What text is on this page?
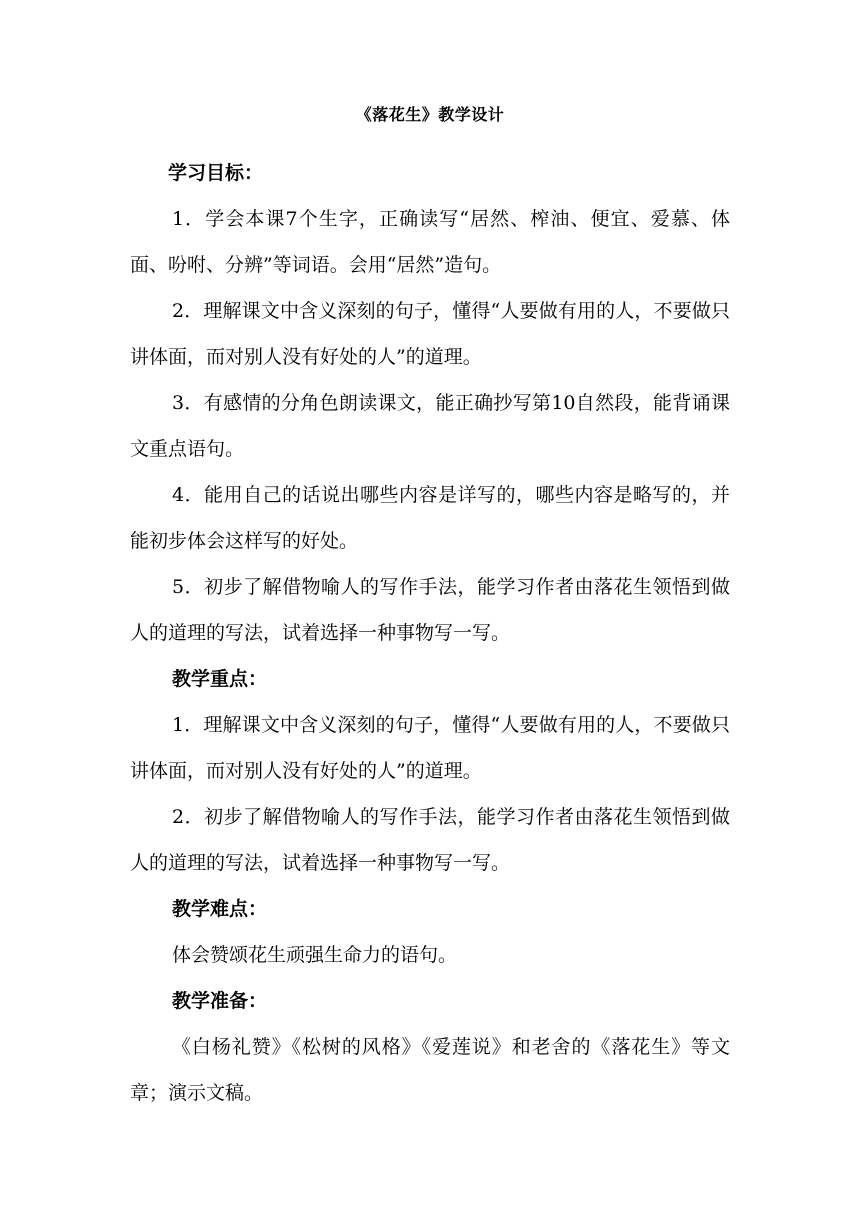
《落花生》教学设计

学习目标：

1．学会本课7个生字，正确读写“居然、榨油、便宜、爱慕、体面、吩咐、分辨”等词语。会用“居然”造句。

2．理解课文中含义深刻的句子，懂得“人要做有用的人，不要做只讲体面，而对别人没有好处的人”的道理。

3．有感情的分角色朗读课文，能正确抄写第10自然段，能背诵课文重点语句。

4．能用自己的话说出哪些内容是详写的，哪些内容是略写的，并能初步体会这样写的好处。

5．初步了解借物喻人的写作手法，能学习作者由落花生领悟到做人的道理的写法，试着选择一种事物写一写。

教学重点：

1．理解课文中含义深刻的句子，懂得“人要做有用的人，不要做只讲体面，而对别人没有好处的人”的道理。

2．初步了解借物喻人的写作手法，能学习作者由落花生领悟到做人的道理的写法，试着选择一种事物写一写。

教学难点：

体会赞颂花生顽强生命力的语句。

教学准备：

《白杨礼赞》《松树的风格》《爱莲说》和老舍的《落花生》等文章；演示文稿。
